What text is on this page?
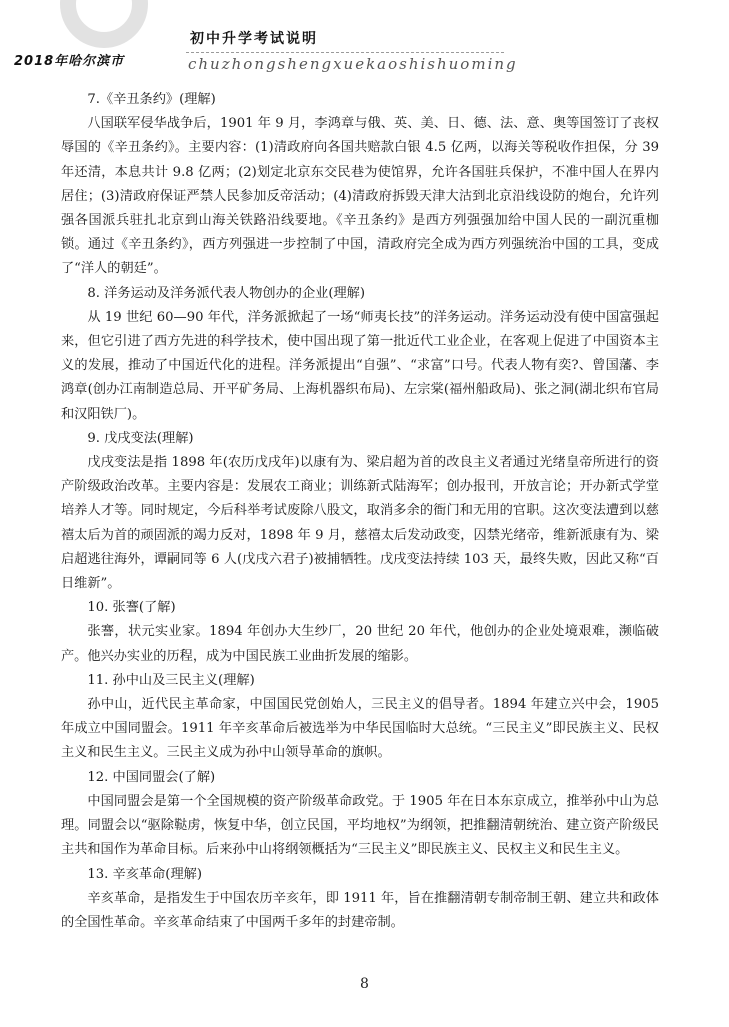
2018年哈尔滨市
初中升学考试说明
chuzhongshengxuekaoshishuoming

7.《辛丑条约》(理解)

八国联军侵华战争后，1901 年 9 月，李鸿章与俄、英、美、日、德、法、意、奥等国签订了丧权辱国的《辛丑条约》。主要内容：(1)清政府向各国共赔款白银 4.5 亿两，以海关等税收作担保，分 39 年还清，本息共计 9.8 亿两；(2)划定北京东交民巷为使馆界，允许各国驻兵保护，不准中国人在界内居住；(3)清政府保证严禁人民参加反帝活动；(4)清政府拆毁天津大沽到北京沿线设防的炮台，允许列强各国派兵驻扎北京到山海关铁路沿线要地。《辛丑条约》是西方列强强加给中国人民的一副沉重枷锁。通过《辛丑条约》，西方列强进一步控制了中国，清政府完全成为西方列强统治中国的工具，变成了“洋人的朝廷”。

8. 洋务运动及洋务派代表人物创办的企业(理解)

从 19 世纪 60—90 年代，洋务派掀起了一场“师夷长技”的洋务运动。洋务运动没有使中国富强起来，但它引进了西方先进的科学技术，使中国出现了第一批近代工业企业，在客观上促进了中国资本主义的发展，推动了中国近代化的进程。洋务派提出“自强”、“求富”口号。代表人物有奕?、曾国藩、李鸿章(创办江南制造总局、开平矿务局、上海机器织布局)、左宗棠(福州船政局)、张之洞(湖北织布官局和汉阳铁厂)。

9. 戊戌变法(理解)

戊戌变法是指 1898 年(农历戊戌年)以康有为、梁启超为首的改良主义者通过光绪皇帝所进行的资产阶级政治改革。主要内容是：发展农工商业；训练新式陆海军；创办报刊，开放言论；开办新式学堂培养人才等。同时规定，今后科举考试废除八股文，取消多余的衙门和无用的官职。这次变法遭到以慈禧太后为首的顽固派的竭力反对，1898 年 9 月，慈禧太后发动政变，囚禁光绪帝，维新派康有为、梁启超逃往海外，谭嗣同等 6 人(戊戌六君子)被捕牺牲。戊戌变法持续 103 天，最终失败，因此又称“百日维新”。

10. 张謇(了解)

张謇，状元实业家。1894 年创办大生纱厂，20 世纪 20 年代，他创办的企业处境艰难，濒临破产。他兴办实业的历程，成为中国民族工业曲折发展的缩影。

11. 孙中山及三民主义(理解)

孙中山，近代民主革命家，中国国民党创始人，三民主义的倡导者。1894 年建立兴中会，1905 年成立中国同盟会。1911 年辛亥革命后被选举为中华民国临时大总统。“三民主义”即民族主义、民权主义和民生主义。三民主义成为孙中山领导革命的旗帜。

12. 中国同盟会(了解)

中国同盟会是第一个全国规模的资产阶级革命政党。于 1905 年在日本东京成立，推举孙中山为总理。同盟会以“驱除鞑虏，恢复中华，创立民国，平均地权”为纲领，把推翻清朝统治、建立资产阶级民主共和国作为革命目标。后来孙中山将纲领概括为“三民主义”即民族主义、民权主义和民生主义。

13. 辛亥革命(理解)

辛亥革命，是指发生于中国农历辛亥年，即 1911 年，旨在推翻清朝专制帝制王朝、建立共和政体的全国性革命。辛亥革命结束了中国两千多年的封建帝制。

8
